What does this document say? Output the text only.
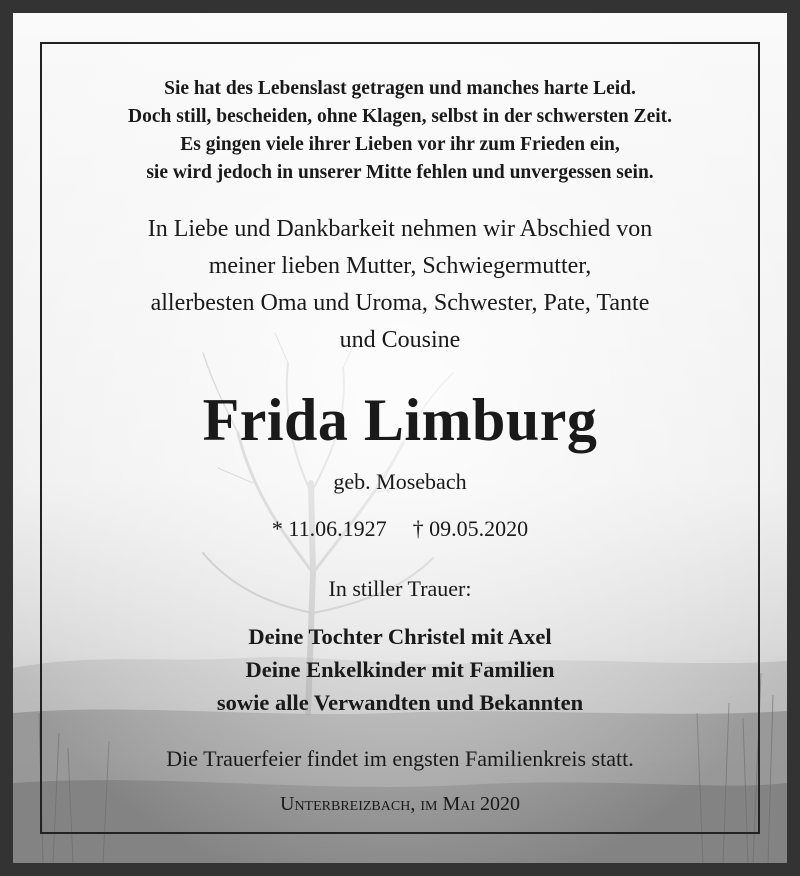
Sie hat des Lebenslast getragen und manches harte Leid.
Doch still, bescheiden, ohne Klagen, selbst in der schwersten Zeit.
Es gingen viele ihrer Lieben vor ihr zum Frieden ein,
sie wird jedoch in unserer Mitte fehlen und unvergessen sein.
In Liebe und Dankbarkeit nehmen wir Abschied von
meiner lieben Mutter, Schwiegermutter,
allerbesten Oma und Uroma, Schwester, Pate, Tante
und Cousine
Frida Limburg
geb. Mosebach
* 11.06.1927 † 09.05.2020
In stiller Trauer:
Deine Tochter Christel mit Axel
Deine Enkelkinder mit Familien
sowie alle Verwandten und Bekannten
Die Trauerfeier findet im engsten Familienkreis statt.
Unterbreizbach, im Mai 2020
